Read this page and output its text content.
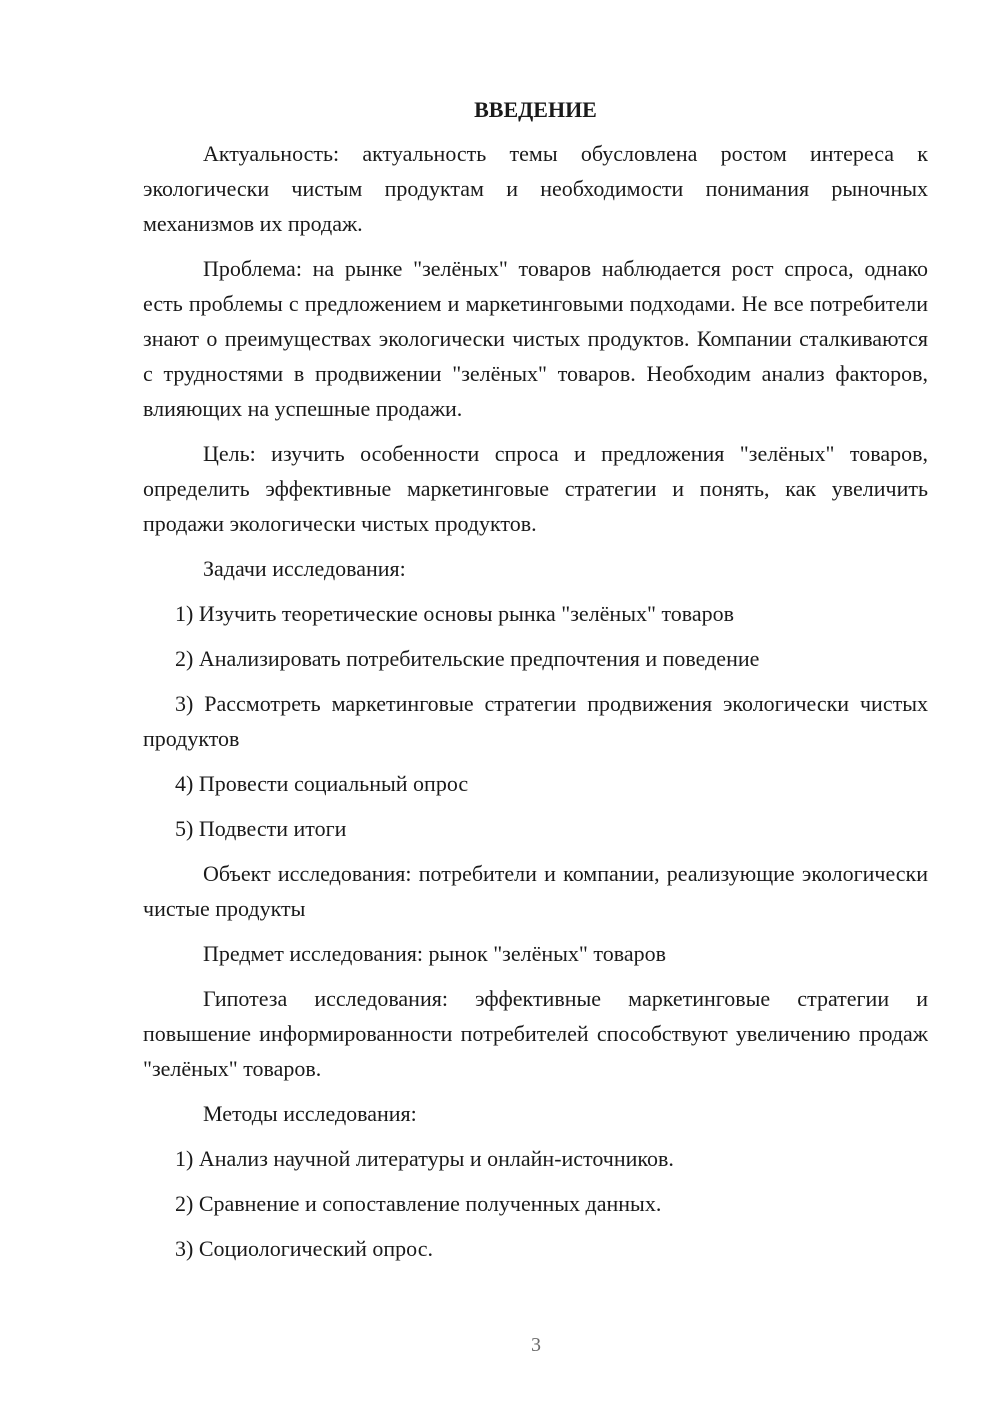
ВВЕДЕНИЕ

Актуальность: актуальность темы обусловлена ростом интереса к экологически чистым продуктам и необходимости понимания рыночных механизмов их продаж.

Проблема: на рынке "зелёных" товаров наблюдается рост спроса, однако есть проблемы с предложением и маркетинговыми подходами. Не все потребители знают о преимуществах экологически чистых продуктов. Компании сталкиваются с трудностями в продвижении "зелёных" товаров. Необходим анализ факторов, влияющих на успешные продажи.

Цель: изучить особенности спроса и предложения "зелёных" товаров, определить эффективные маркетинговые стратегии и понять, как увеличить продажи экологически чистых продуктов.

Задачи исследования:

1) Изучить теоретические основы рынка "зелёных" товаров

2) Анализировать потребительские предпочтения и поведение

3) Рассмотреть маркетинговые стратегии продвижения экологически чистых продуктов

4) Провести социальный опрос

5) Подвести итоги

Объект исследования: потребители и компании, реализующие экологически чистые продукты

Предмет исследования: рынок "зелёных" товаров

Гипотеза исследования: эффективные маркетинговые стратегии и повышение информированности потребителей способствуют увеличению продаж "зелёных" товаров.

Методы исследования:

1) Анализ научной литературы и онлайн-источников.

2) Сравнение и сопоставление полученных данных.

3) Социологический опрос.

3
